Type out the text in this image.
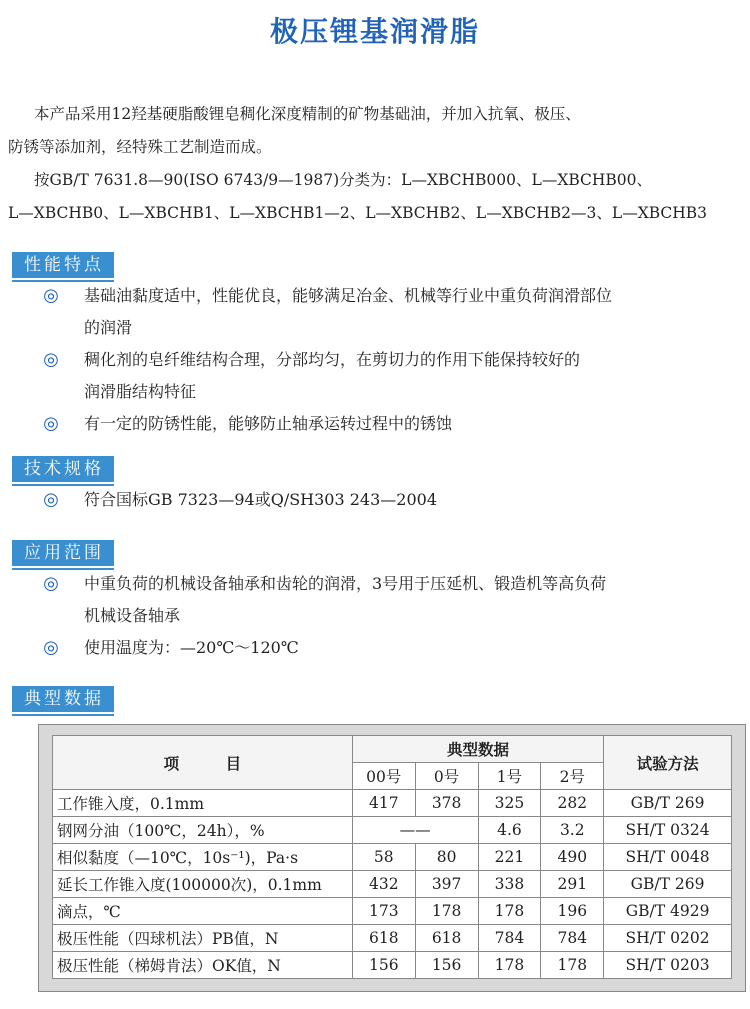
极压锂基润滑脂

本产品采用12羟基硬脂酸锂皂稠化深度精制的矿物基础油，并加入抗氧、极压、

防锈等添加剂，经特殊工艺制造而成。

按GB/T 7631.8—90(ISO 6743/9—1987)分类为：L—XBCHB000、L—XBCHB00、

L—XBCHB0、L—XBCHB1、L—XBCHB1—2、L—XBCHB2、L—XBCHB2—3、L—XBCHB3

性能特点
◎	基础油黏度适中，性能优良，能够满足冶金、机械等行业中重负荷润滑部位

的润滑

◎	稠化剂的皂纤维结构合理，分部均匀，在剪切力的作用下能保持较好的

润滑脂结构特征

◎	有一定的防锈性能，能够防止轴承运转过程中的锈蚀

技术规格
◎	符合国标GB 7323—94或Q/SH303 243—2004

应用范围
◎	中重负荷的机械设备轴承和齿轮的润滑，3号用于压延机、锻造机等高负荷

机械设备轴承

◎	使用温度为：—20℃～120℃

典型数据
项　　　目	典型数据				试验方法
	00号	0号	1号	2号	
工作锥入度，0.1mm	417	378	325	282	GB/T 269
钢网分油（100℃，24h），%	——		4.6	3.2	SH/T 0324
相似黏度（—10℃，10s⁻¹)，Pa·s	58	80	221	490	SH/T 0048
延长工作锥入度(100000次)，0.1mm	432	397	338	291	GB/T 269
滴点，℃	173	178	178	196	GB/T 4929
极压性能（四球机法）PB值，N	618	618	784	784	SH/T 0202
极压性能（梯姆肯法）OK值，N	156	156	178	178	SH/T 0203
